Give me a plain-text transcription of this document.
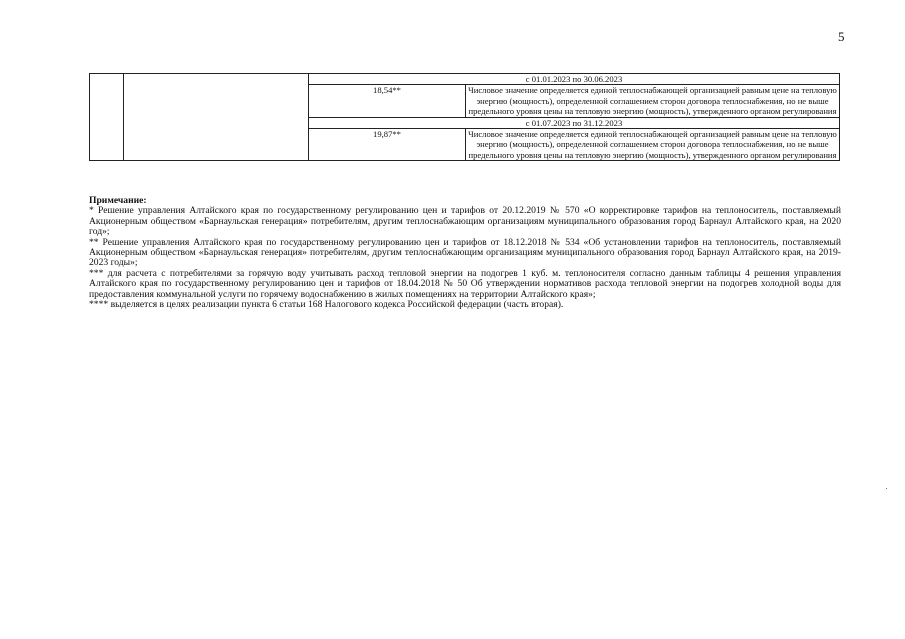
5
		с 01.01.2023 по 30.06.2023	
		18,54**	Числовое значение определяется единой теплоснабжающей организацией равным цене на тепловую энергию (мощность), определенной соглашением сторон договора теплоснабжения, но не выше предельного уровня цены на тепловую энергию (мощность), утвержденного органом регулирования
		с 01.07.2023 по 31.12.2023	
		19,87**	Числовое значение определяется единой теплоснабжающей организацией равным цене на тепловую энергию (мощность), определенной соглашением сторон договора теплоснабжения, но не выше предельного уровня цены на тепловую энергию (мощность), утвержденного органом регулирования
Примечание:

* Решение управления Алтайского края по государственному регулированию цен и тарифов от 20.12.2019 № 570 «О корректировке тарифов на теплоноситель, поставляемый Акционерным обществом «Барнаульская генерация» потребителям, другим теплоснабжающим организациям муниципального образования город Барнаул Алтайского края, на 2020 год»;

** Решение управления Алтайского края по государственному регулированию цен и тарифов от 18.12.2018 № 534 «Об установлении тарифов на теплоноситель, поставляемый Акционерным обществом «Барнаульская генерация» потребителям, другим теплоснабжающим организациям муниципального образования город Барнаул Алтайского края, на 2019-2023 годы»;

*** для расчета с потребителями за горячую воду учитывать расход тепловой энергии на подогрев 1 куб. м. теплоносителя согласно данным таблицы 4 решения управления Алтайского края по государственному регулированию цен и тарифов от 18.04.2018 № 50 Об утверждении нормативов расхода тепловой энергии на подогрев холодной воды для предоставления коммунальной услуги по горячему водоснабжению в жилых помещениях на территории Алтайского края»;

**** выделяется в целях реализации пункта 6 статьи 168 Налогового кодекса Российской федерации (часть вторая).
